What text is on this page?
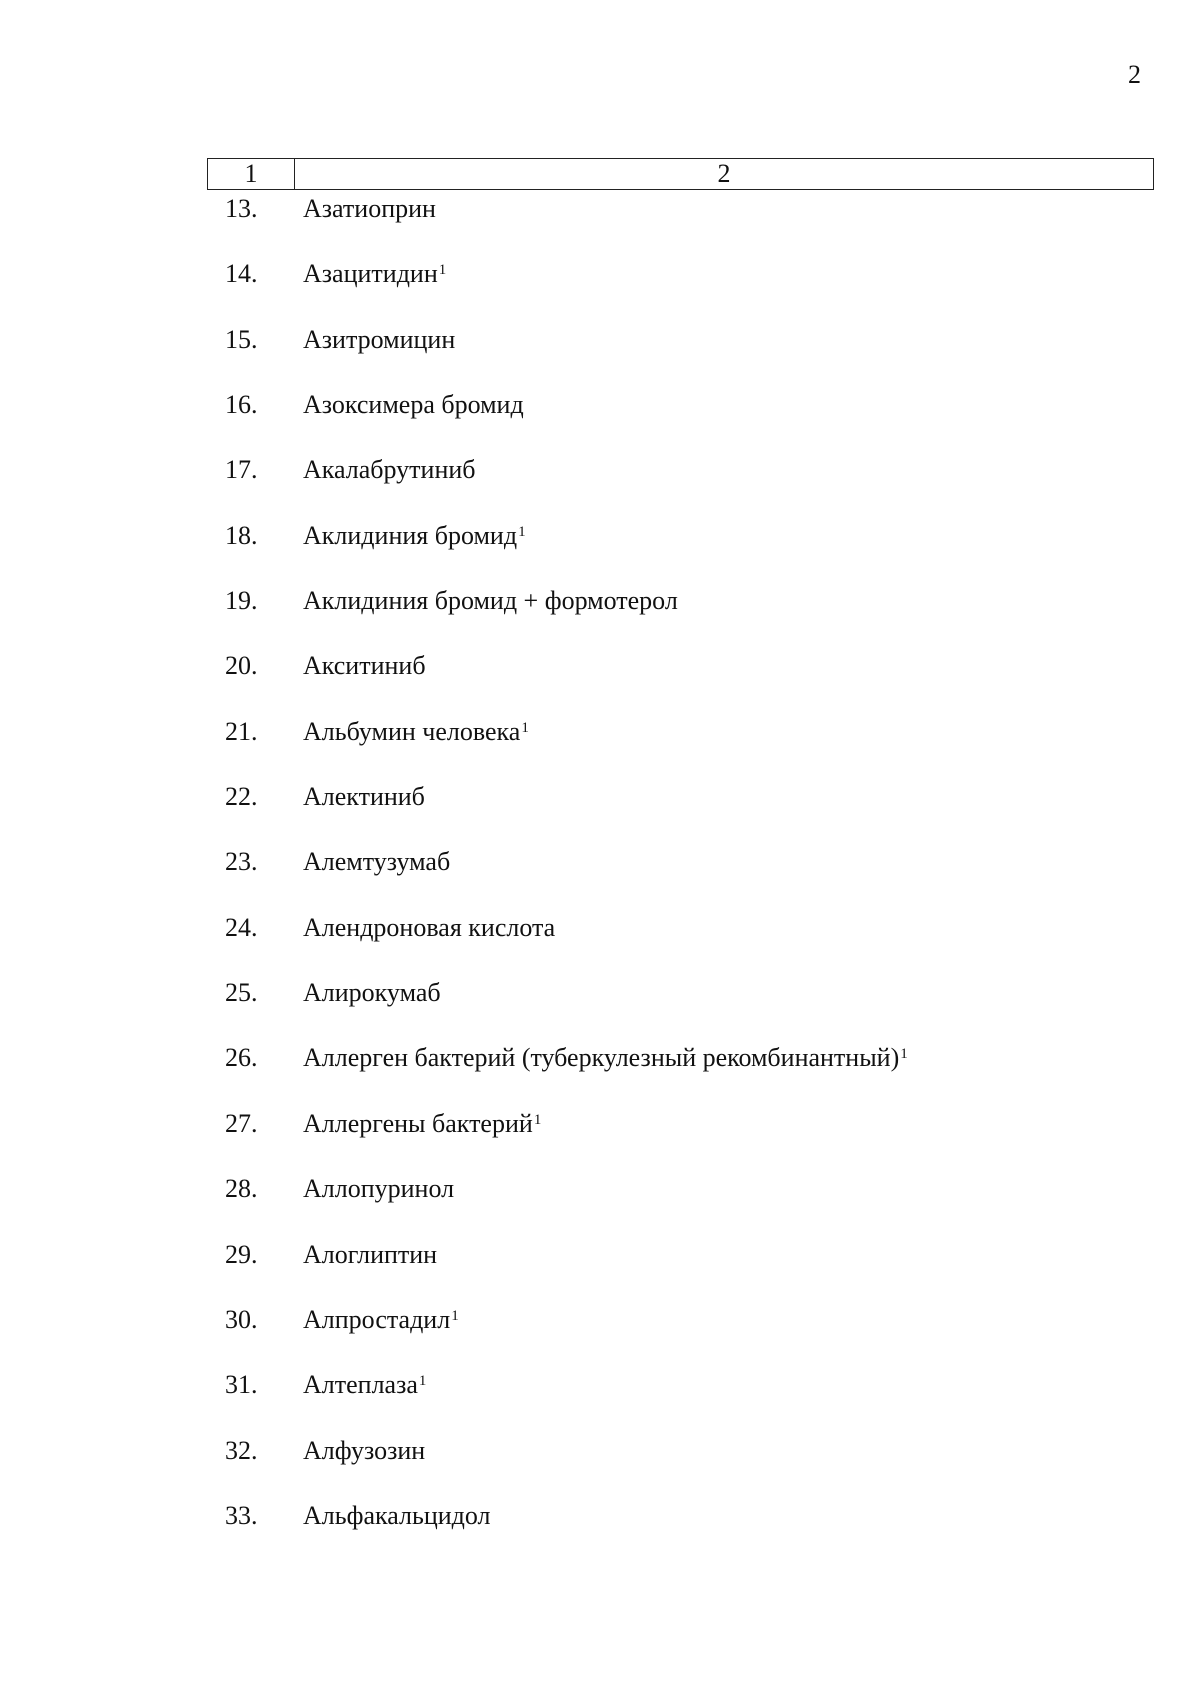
2
1	2
13.	Азатиоприн
14.	Азацитидин$^1$
15.	Азитромицин
16.	Азоксимера бромид
17.	Акалабрутиниб
18.	Аклидиния бромид$^1$
19.	Аклидиния бромид + формотерол
20.	Акситиниб
21.	Альбумин человека$^1$
22.	Алектиниб
23.	Алемтузумаб
24.	Алендроновая кислота
25.	Алирокумаб
26.	Аллерген бактерий (туберкулезный рекомбинантный)$^1$
27.	Аллергены бактерий$^1$
28.	Аллопуринол
29.	Алоглиптин
30.	Алпростадил$^1$
31.	Алтеплаза$^1$
32.	Алфузозин
33.	Альфакальцидол
